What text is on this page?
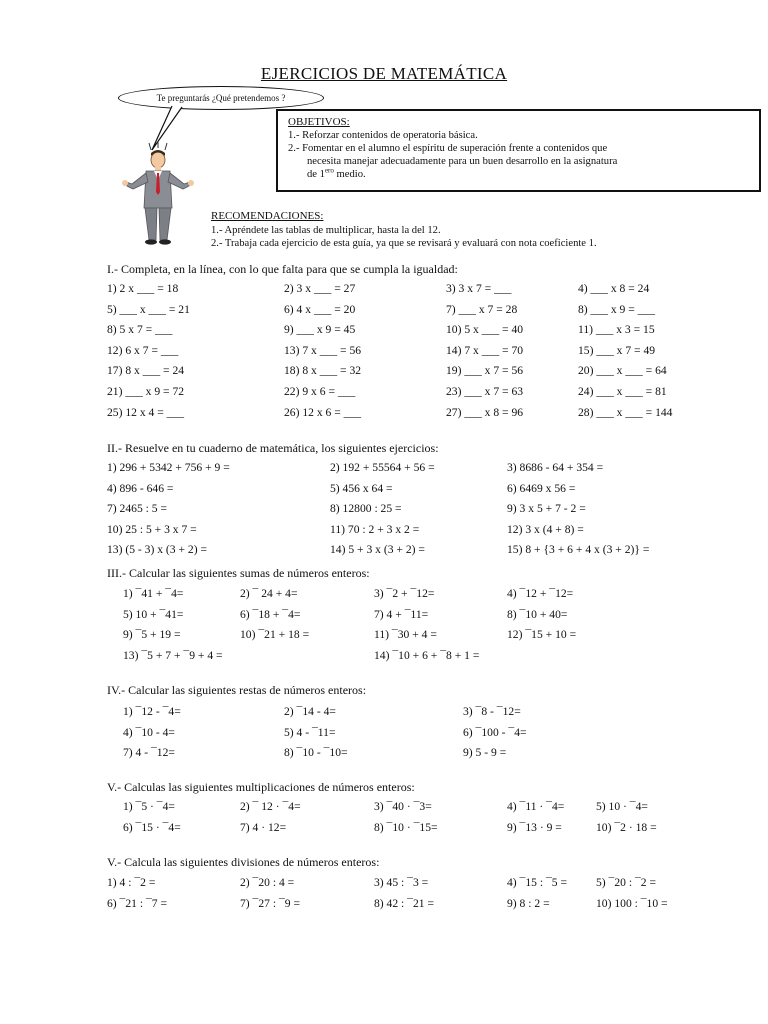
EJERCICIOS DE MATEMÁTICA
Te preguntarás ¿Qué pretendemos ?
OBJETIVOS:
1.- Reforzar contenidos de operatoria básica.
2.- Fomentar en el alumno el espíritu de superación frente a contenidos que
necesita manejar adecuadamente para un buen desarrollo en la asignatura
de $1^{ero}$ medio.
RECOMENDACIONES:
1.- Apréndete las tablas de multiplicar, hasta la del 12.
2.- Trabaja cada ejercicio de esta guía, ya que se revisará y evaluará con nota coeficiente 1.
I.- Completa, en la línea, con lo que falta para que se cumpla la igualdad:
1) 2 x ___ = 18	2) 3 x ___ = 27	3) 3 x 7 = ___	4) ___ x 8 = 24
5) ___ x ___ = 21	6) 4 x ___ = 20	7) ___ x 7 = 28	8) ___ x 9 = ___
8) 5 x 7 = ___	9) ___ x 9 = 45	10) 5 x ___ = 40	11) ___ x 3 = 15
12) 6 x 7 = ___	13) 7 x ___ = 56	14) 7 x ___ = 70	15) ___ x 7 = 49
17) 8 x ___ = 24	18) 8 x ___ = 32	19) ___ x 7 = 56	20) ___ x ___ = 64
21) ___ x 9 = 72	22) 9 x 6 = ___	23) ___ x 7 = 63	24) ___ x ___ = 81
25) 12 x 4 = ___	26) 12 x 6 = ___	27) ___ x 8 = 96	28) ___ x ___ = 144
II.- Resuelve en tu cuaderno de matemática, los siguientes ejercicios:
1) 296 + 5342 + 756 + 9 =	2) 192 + 55564 + 56 =	3) 8686 - 64 + 354 =
4) 896 - 646 =	5) 456 x 64 =	6) 6469 x 56 =
7) 2465 : 5 =	8) 12800 : 25 =	9) 3 x 5 + 7 - 2 =
10) 25 : 5 + 3 x 7 =	11) 70 : 2 + 3 x 2 =	12) 3 x (4 + 8) =
13) (5 - 3) x (3 + 2) =	14) 5 + 3 x (3 + 2) =	15) 8 + {3 + 6 + 4 x (3 + 2)} =
III.- Calcular las siguientes sumas de números enteros:
1) ¯41 + ¯4=	2) ¯ 24 + 4=	3) ¯2 + ¯12=	4) ¯12 + ¯12=
5) 10 + ¯41=	6) ¯18 + ¯4=	7) 4 + ¯11=	8) ¯10 + 40=
9) ¯5 + 19 =	10) ¯21 + 18 =	11) ¯30 + 4 =	12) ¯15 + 10 =
13) ¯5 + 7 + ¯9 + 4 =	14) ¯10 + 6 + ¯8 + 1 =
IV.- Calcular las siguientes restas de números enteros:
1) ¯12 - ¯4=	2) ¯14 - 4=	3) ¯8 - ¯12=
4) ¯10 - 4=	5) 4 - ¯11=	6) ¯100 - ¯4=
7) 4 - ¯12=	8) ¯10 - ¯10=	9) 5 - 9 =
V.- Calculas las siguientes multiplicaciones de números enteros:
1) ¯5 · ¯4=	2) ¯ 12 · ¯4=	3) ¯40 · ¯3=	4) ¯11 · ¯4=	5) 10 · ¯4=
6) ¯15 · ¯4=	7) 4 · 12=	8) ¯10 · ¯15=	9) ¯13 · 9 =	10) ¯2 · 18 =
V.- Calcula las siguientes divisiones de números enteros:
1) 4 : ¯2 =	2) ¯20 : 4 =	3) 45 : ¯3 =	4) ¯15 : ¯5 =	5) ¯20 : ¯2 =
6) ¯21 : ¯7 =	7) ¯27 : ¯9 =	8) 42 : ¯21 =	9) 8 : 2 =	10) 100 : ¯10 =
